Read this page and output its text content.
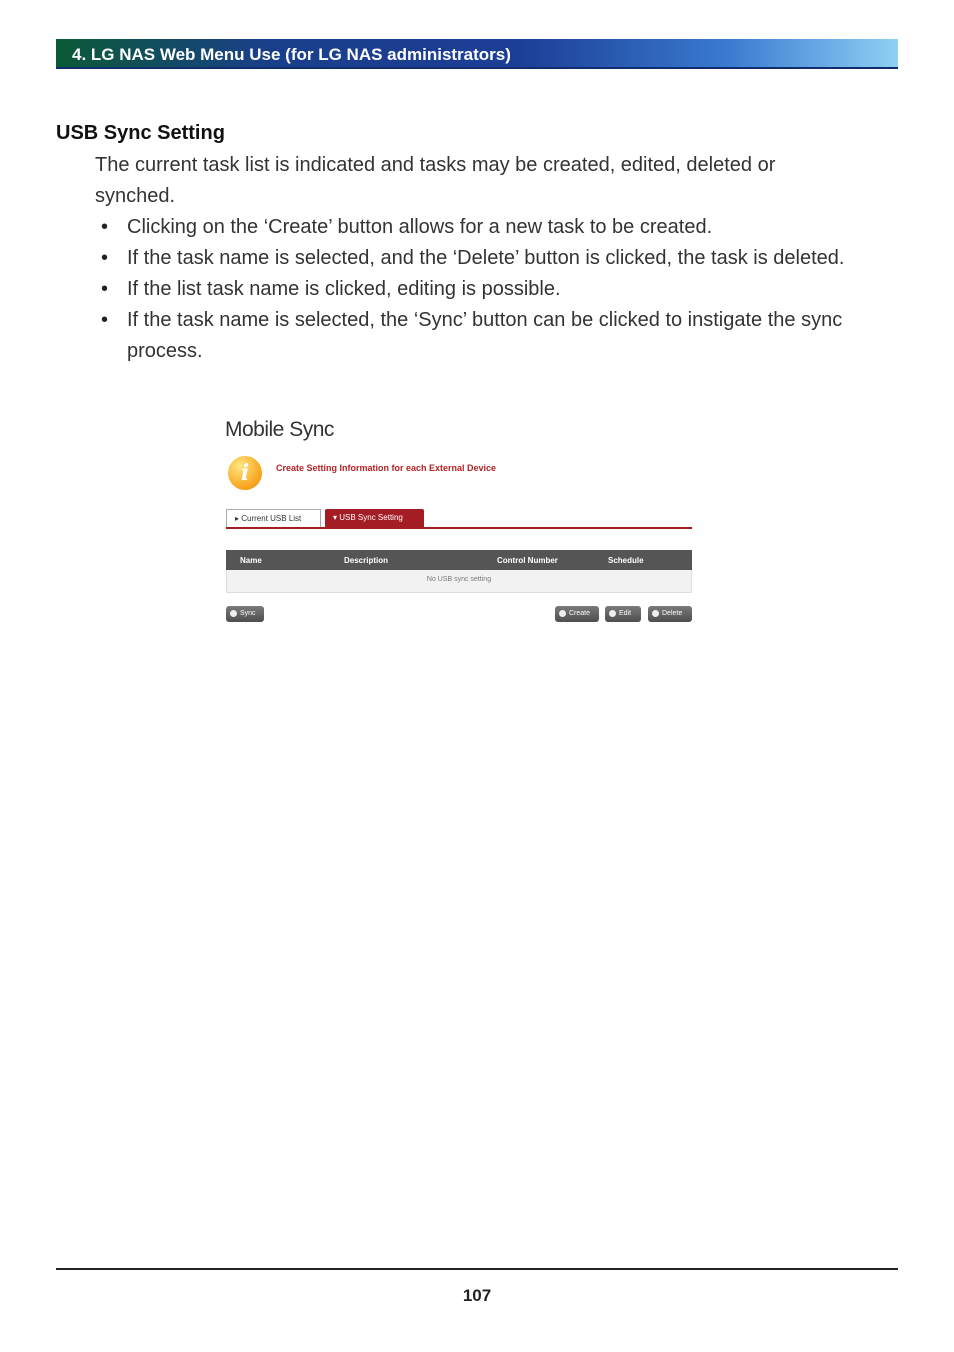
4. LG NAS Web Menu Use (for LG NAS administrators)
USB Sync Setting
The current task list is indicated and tasks may be created, edited, deleted or synched.
• Clicking on the ‘Create’ button allows for a new task to be created.
• If the task name is selected, and the ‘Delete’ button is clicked, the task is deleted.
• If the list task name is clicked, editing is possible.
• If the task name is selected, the ‘Sync’ button can be clicked to instigate the sync process.
Mobile Sync
i	Create Setting Information for each External Device
▸ Current USB List	▾ USB Sync Setting
Name	Description	Control Number	Schedule
No USB sync setting
Sync	Create	Edit	Delete
107
